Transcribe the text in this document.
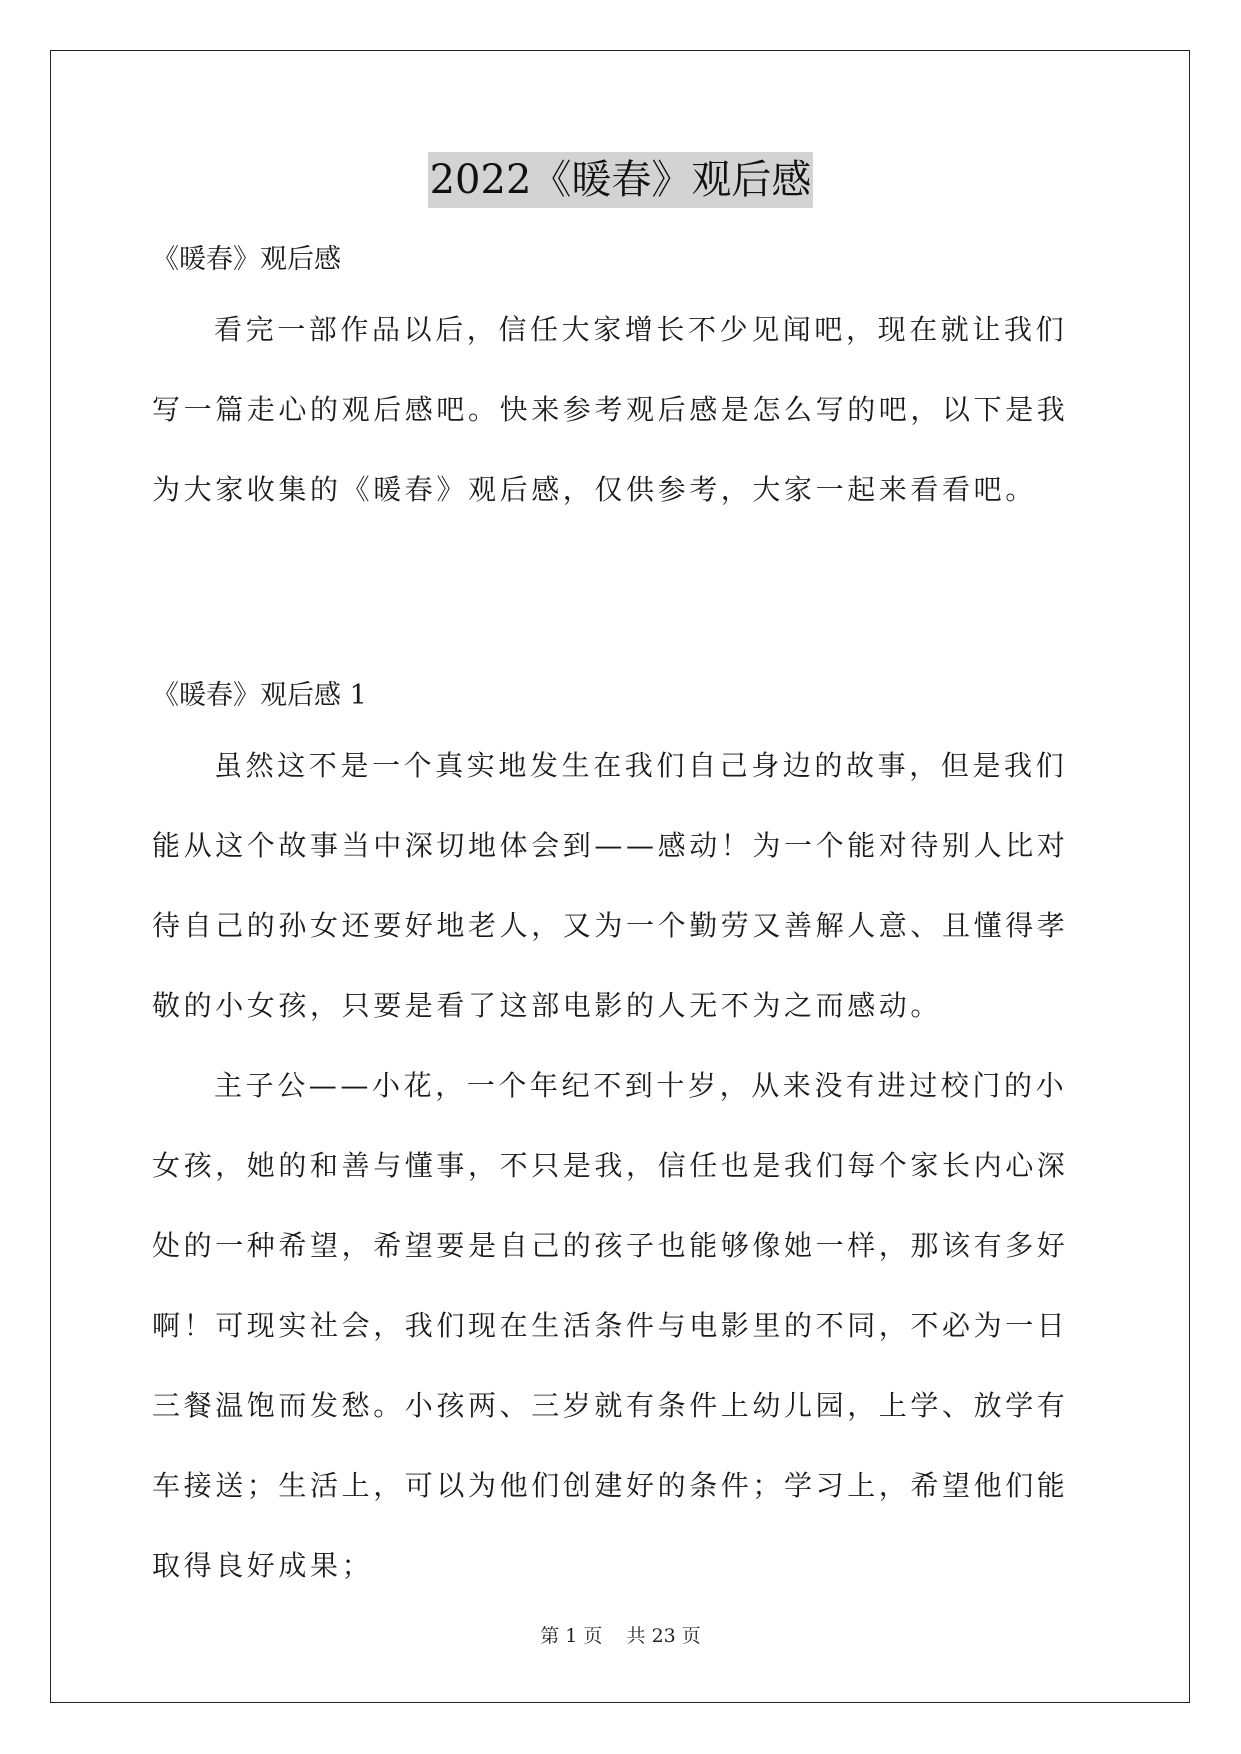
2022《暖春》观后感
《暖春》观后感

看完一部作品以后，信任大家增长不少见闻吧，现在就让我们写一篇走心的观后感吧。快来参考观后感是怎么写的吧，以下是我为大家收集的《暖春》观后感，仅供参考，大家一起来看看吧。

《暖春》观后感 1

虽然这不是一个真实地发生在我们自己身边的故事，但是我们能从这个故事当中深切地体会到——感动！为一个能对待别人比对待自己的孙女还要好地老人，又为一个勤劳又善解人意、且懂得孝敬的小女孩，只要是看了这部电影的人无不为之而感动。

主子公——小花，一个年纪不到十岁，从来没有进过校门的小女孩，她的和善与懂事，不只是我，信任也是我们每个家长内心深处的一种希望，希望要是自己的孩子也能够像她一样，那该有多好啊！可现实社会，我们现在生活条件与电影里的不同，不必为一日三餐温饱而发愁。小孩两、三岁就有条件上幼儿园，上学、放学有车接送；生活上，可以为他们创建好的条件；学习上，希望他们能取得良好成果；

第 1 页    共 23 页
